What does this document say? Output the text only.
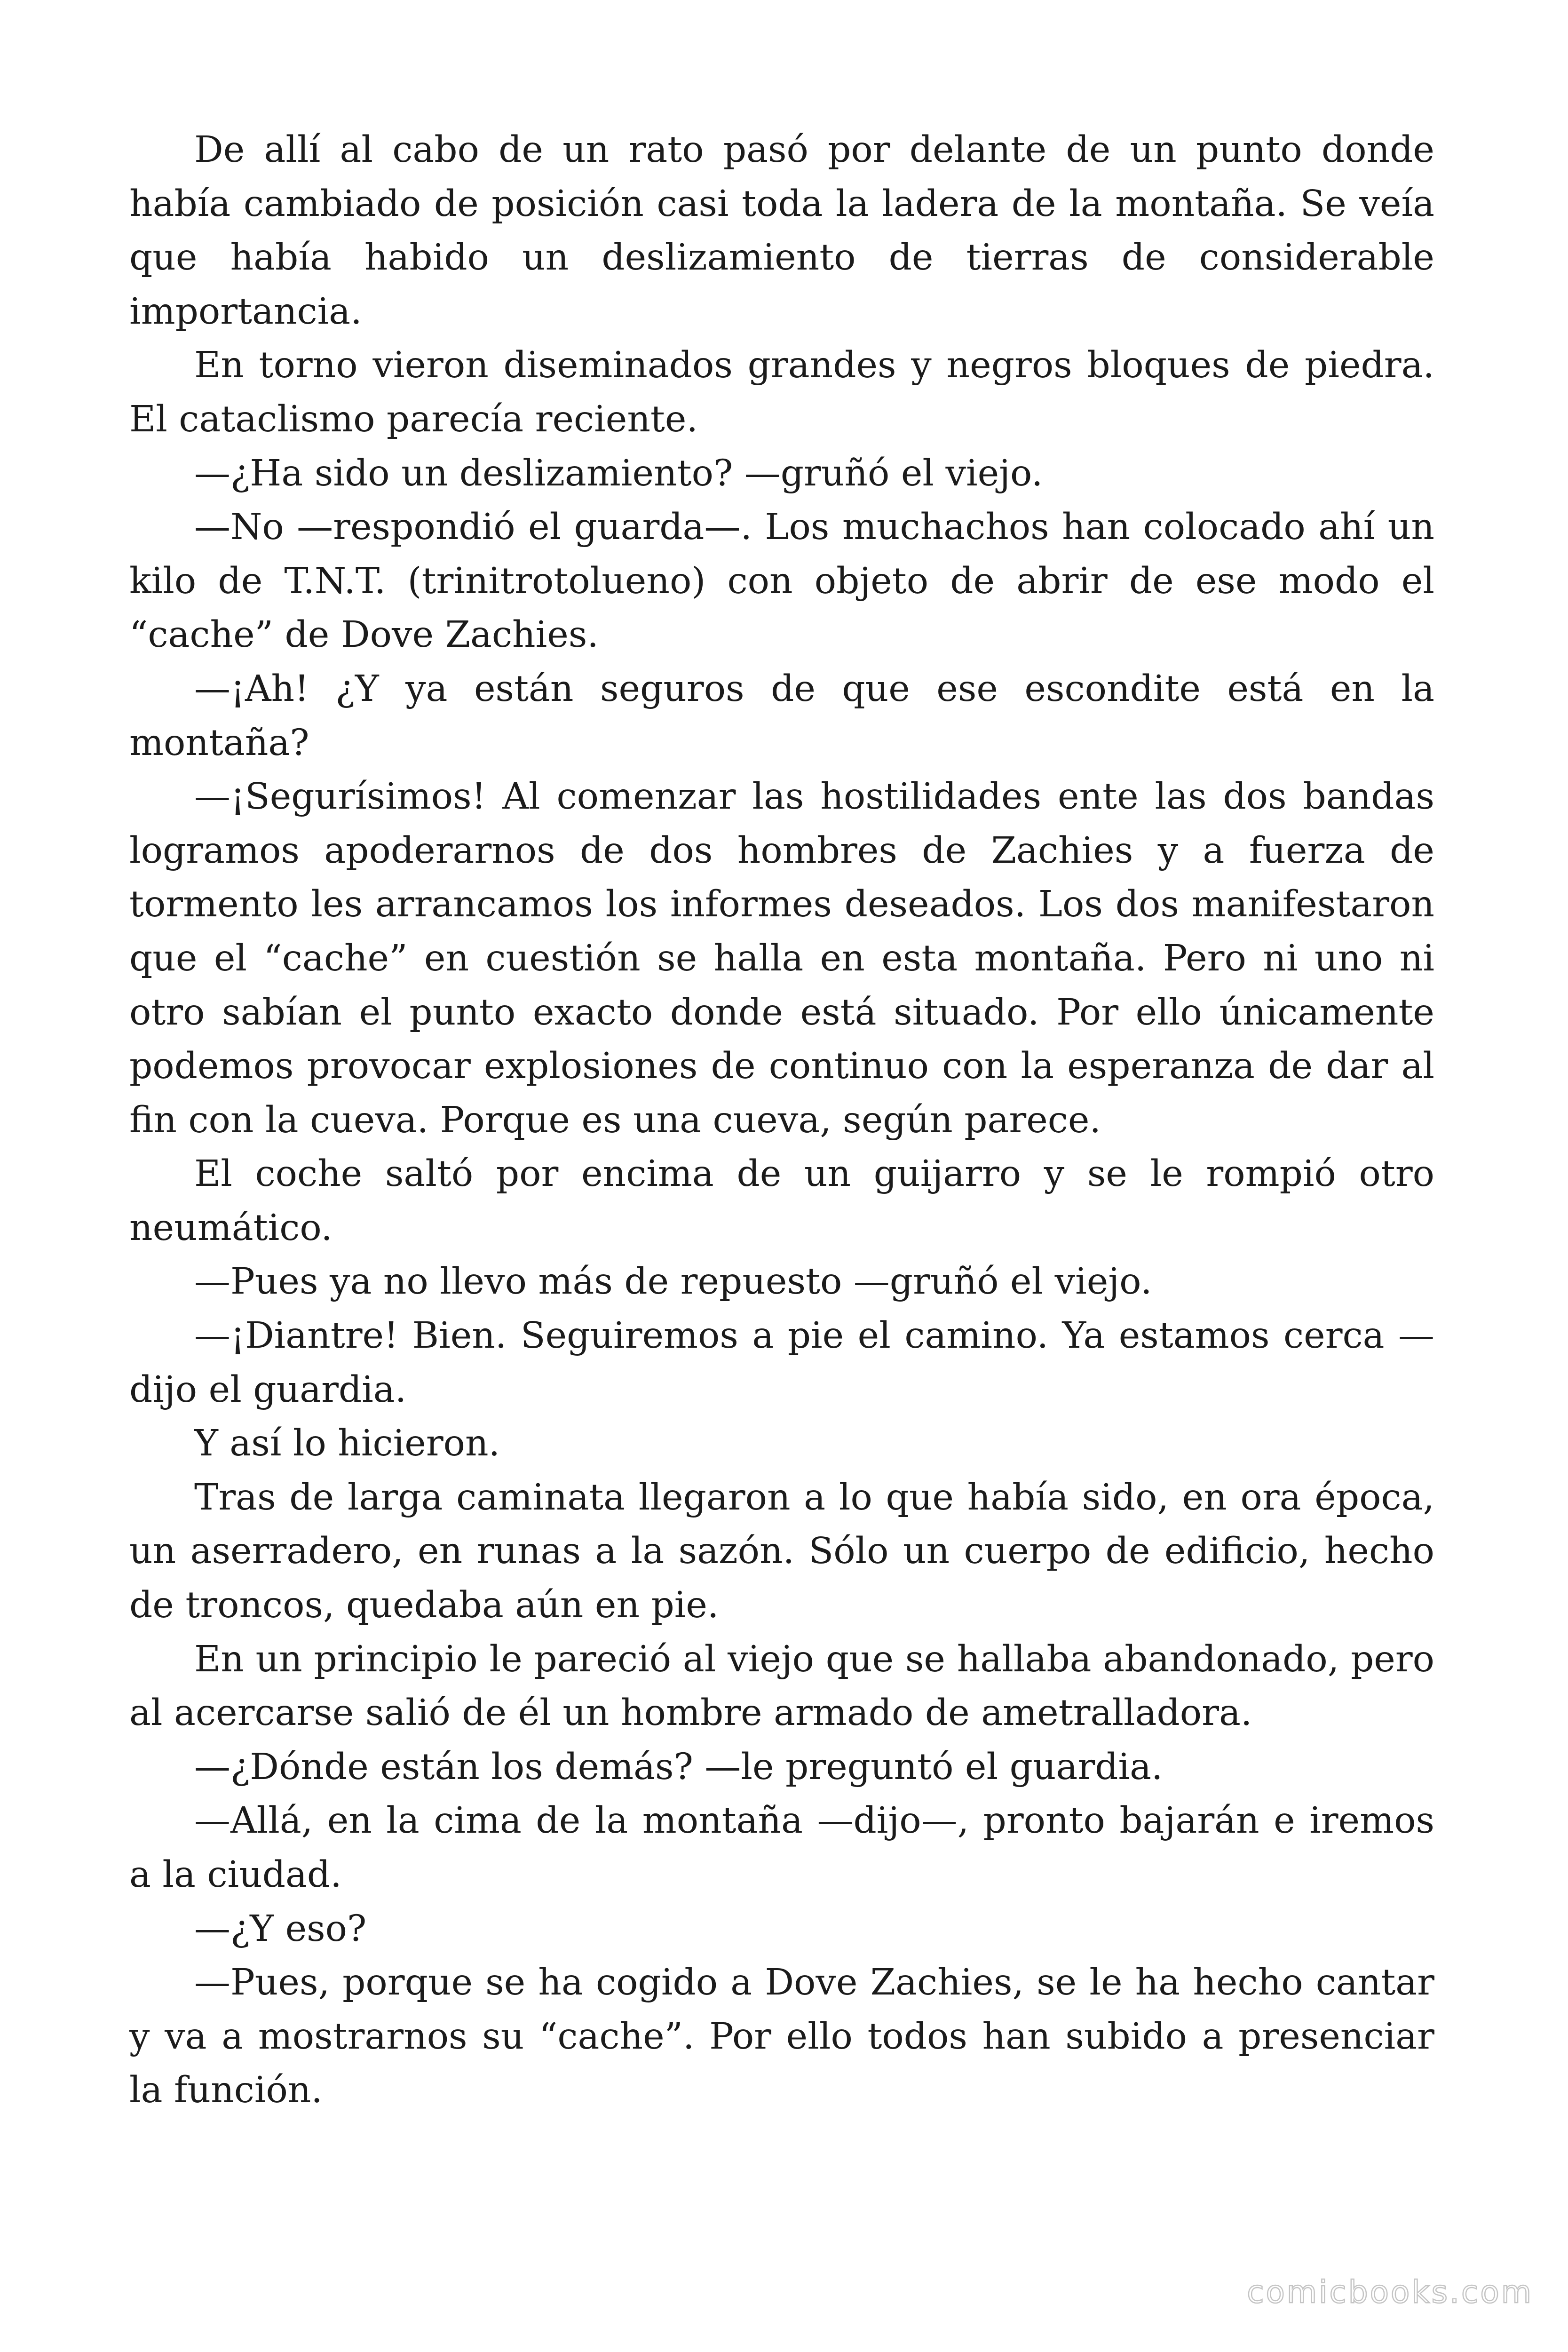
De allí al cabo de un rato pasó por delante de un punto donde había cambiado de posición casi toda la ladera de la montaña. Se veía que había habido un deslizamiento de tierras de considerable importancia.

En torno vieron diseminados grandes y negros bloques de piedra. El cataclismo parecía reciente.

—¿Ha sido un deslizamiento? —gruñó el viejo.

—No —respondió el guarda—. Los muchachos han colocado ahí un kilo de T.N.T. (trinitrotolueno) con objeto de abrir de ese modo el “cache” de Dove Zachies.

—¡Ah! ¿Y ya están seguros de que ese escondite está en la montaña?

—¡Segurísimos! Al comenzar las hostilidades ente las dos bandas logramos apoderarnos de dos hombres de Zachies y a fuerza de tormento les arrancamos los informes deseados. Los dos manifestaron que el “cache” en cuestión se halla en esta montaña. Pero ni uno ni otro sabían el punto exacto donde está situado. Por ello únicamente podemos provocar explosiones de continuo con la esperanza de dar al fin con la cueva. Porque es una cueva, según parece.

El coche saltó por encima de un guijarro y se le rompió otro neumático.

—Pues ya no llevo más de repuesto —gruñó el viejo.

—¡Diantre! Bien. Seguiremos a pie el camino. Ya estamos cerca —dijo el guardia.

Y así lo hicieron.

Tras de larga caminata llegaron a lo que había sido, en ora época, un aserradero, en runas a la sazón. Sólo un cuerpo de edificio, hecho de troncos, quedaba aún en pie.

En un principio le pareció al viejo que se hallaba abandonado, pero al acercarse salió de él un hombre armado de ametralladora.

—¿Dónde están los demás? —le preguntó el guardia.

—Allá, en la cima de la montaña —dijo—, pronto bajarán e iremos a la ciudad.

—¿Y eso?

—Pues, porque se ha cogido a Dove Zachies, se le ha hecho cantar y va a mostrarnos su “cache”. Por ello todos han subido a presenciar la función.

comicbooks.com
